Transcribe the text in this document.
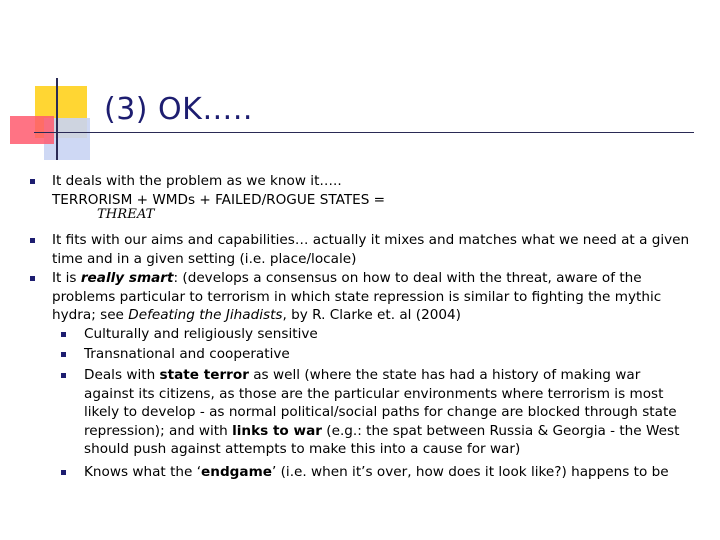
(3) OK…..
It deals with the problem as we know it…..
TERRORISM + WMDs + FAILED/ROGUE STATES =
THREAT
It fits with our aims and capabilities… actually it mixes and matches what we need at a given time and in a given setting (i.e. place/locale)
It is really smart: (develops a consensus on how to deal with the threat, aware of the problems particular to terrorism in which state repression is similar to fighting the mythic hydra; see Defeating the Jihadists, by R. Clarke et. al (2004)
Culturally and religiously sensitive
Transnational and cooperative
Deals with state terror as well (where the state has had a history of making war against its citizens, as those are the particular environments where terrorism is most likely to develop - as normal political/social paths for change are blocked through state repression); and with links to war (e.g.: the spat between Russia & Georgia - the West should push against attempts to make this into a cause for war)
Knows what the ‘endgame’ (i.e. when it’s over, how does it look like?) happens to be
